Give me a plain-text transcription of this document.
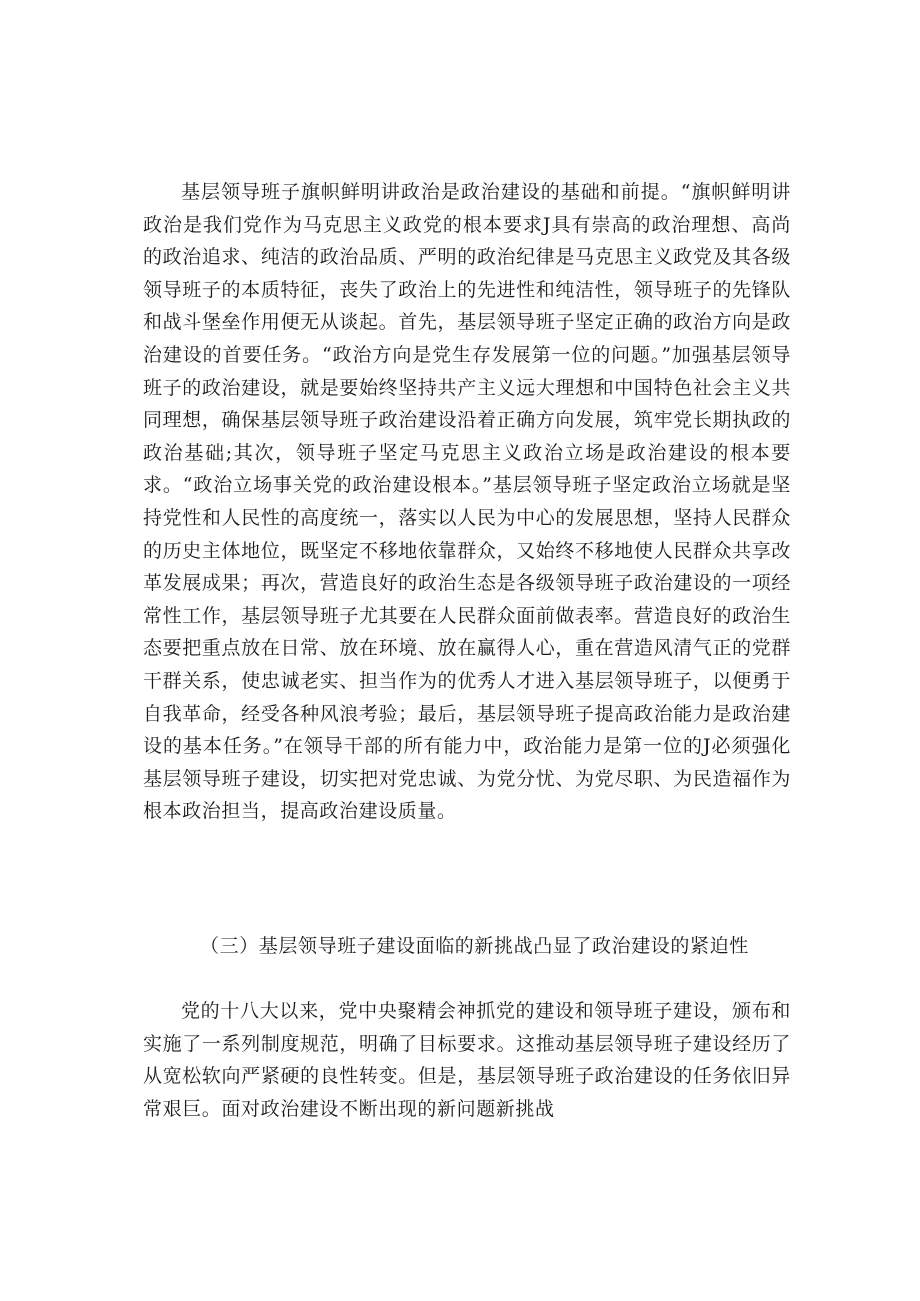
基层领导班子旗帜鲜明讲政治是政治建设的基础和前提。“旗帜鲜明讲政治是我们党作为马克思主义政党的根本要求J具有崇高的政治理想、高尚的政治追求、纯洁的政治品质、严明的政治纪律是马克思主义政党及其各级领导班子的本质特征，丧失了政治上的先进性和纯洁性，领导班子的先锋队和战斗堡垒作用便无从谈起。首先，基层领导班子坚定正确的政治方向是政治建设的首要任务。“政治方向是党生存发展第一位的问题。”加强基层领导班子的政治建设，就是要始终坚持共产主义远大理想和中国特色社会主义共同理想，确保基层领导班子政治建设沿着正确方向发展，筑牢党长期执政的政治基础;其次，领导班子坚定马克思主义政治立场是政治建设的根本要求。“政治立场事关党的政治建设根本。”基层领导班子坚定政治立场就是坚持党性和人民性的高度统一，落实以人民为中心的发展思想，坚持人民群众的历史主体地位，既坚定不移地依靠群众，又始终不移地使人民群众共享改革发展成果；再次，营造良好的政治生态是各级领导班子政治建设的一项经常性工作，基层领导班子尤其要在人民群众面前做表率。营造良好的政治生态要把重点放在日常、放在环境、放在赢得人心，重在营造风清气正的党群干群关系，使忠诚老实、担当作为的优秀人才进入基层领导班子，以便勇于自我革命，经受各种风浪考验；最后，基层领导班子提高政治能力是政治建设的基本任务。”在领导干部的所有能力中，政治能力是第一位的J必须强化基层领导班子建设，切实把对党忠诚、为党分忧、为党尽职、为民造福作为根本政治担当，提高政治建设质量。

（三）基层领导班子建设面临的新挑战凸显了政治建设的紧迫性

党的十八大以来，党中央聚精会神抓党的建设和领导班子建设，颁布和实施了一系列制度规范，明确了目标要求。这推动基层领导班子建设经历了从宽松软向严紧硬的良性转变。但是，基层领导班子政治建设的任务依旧异常艰巨。面对政治建设不断出现的新问题新挑战
